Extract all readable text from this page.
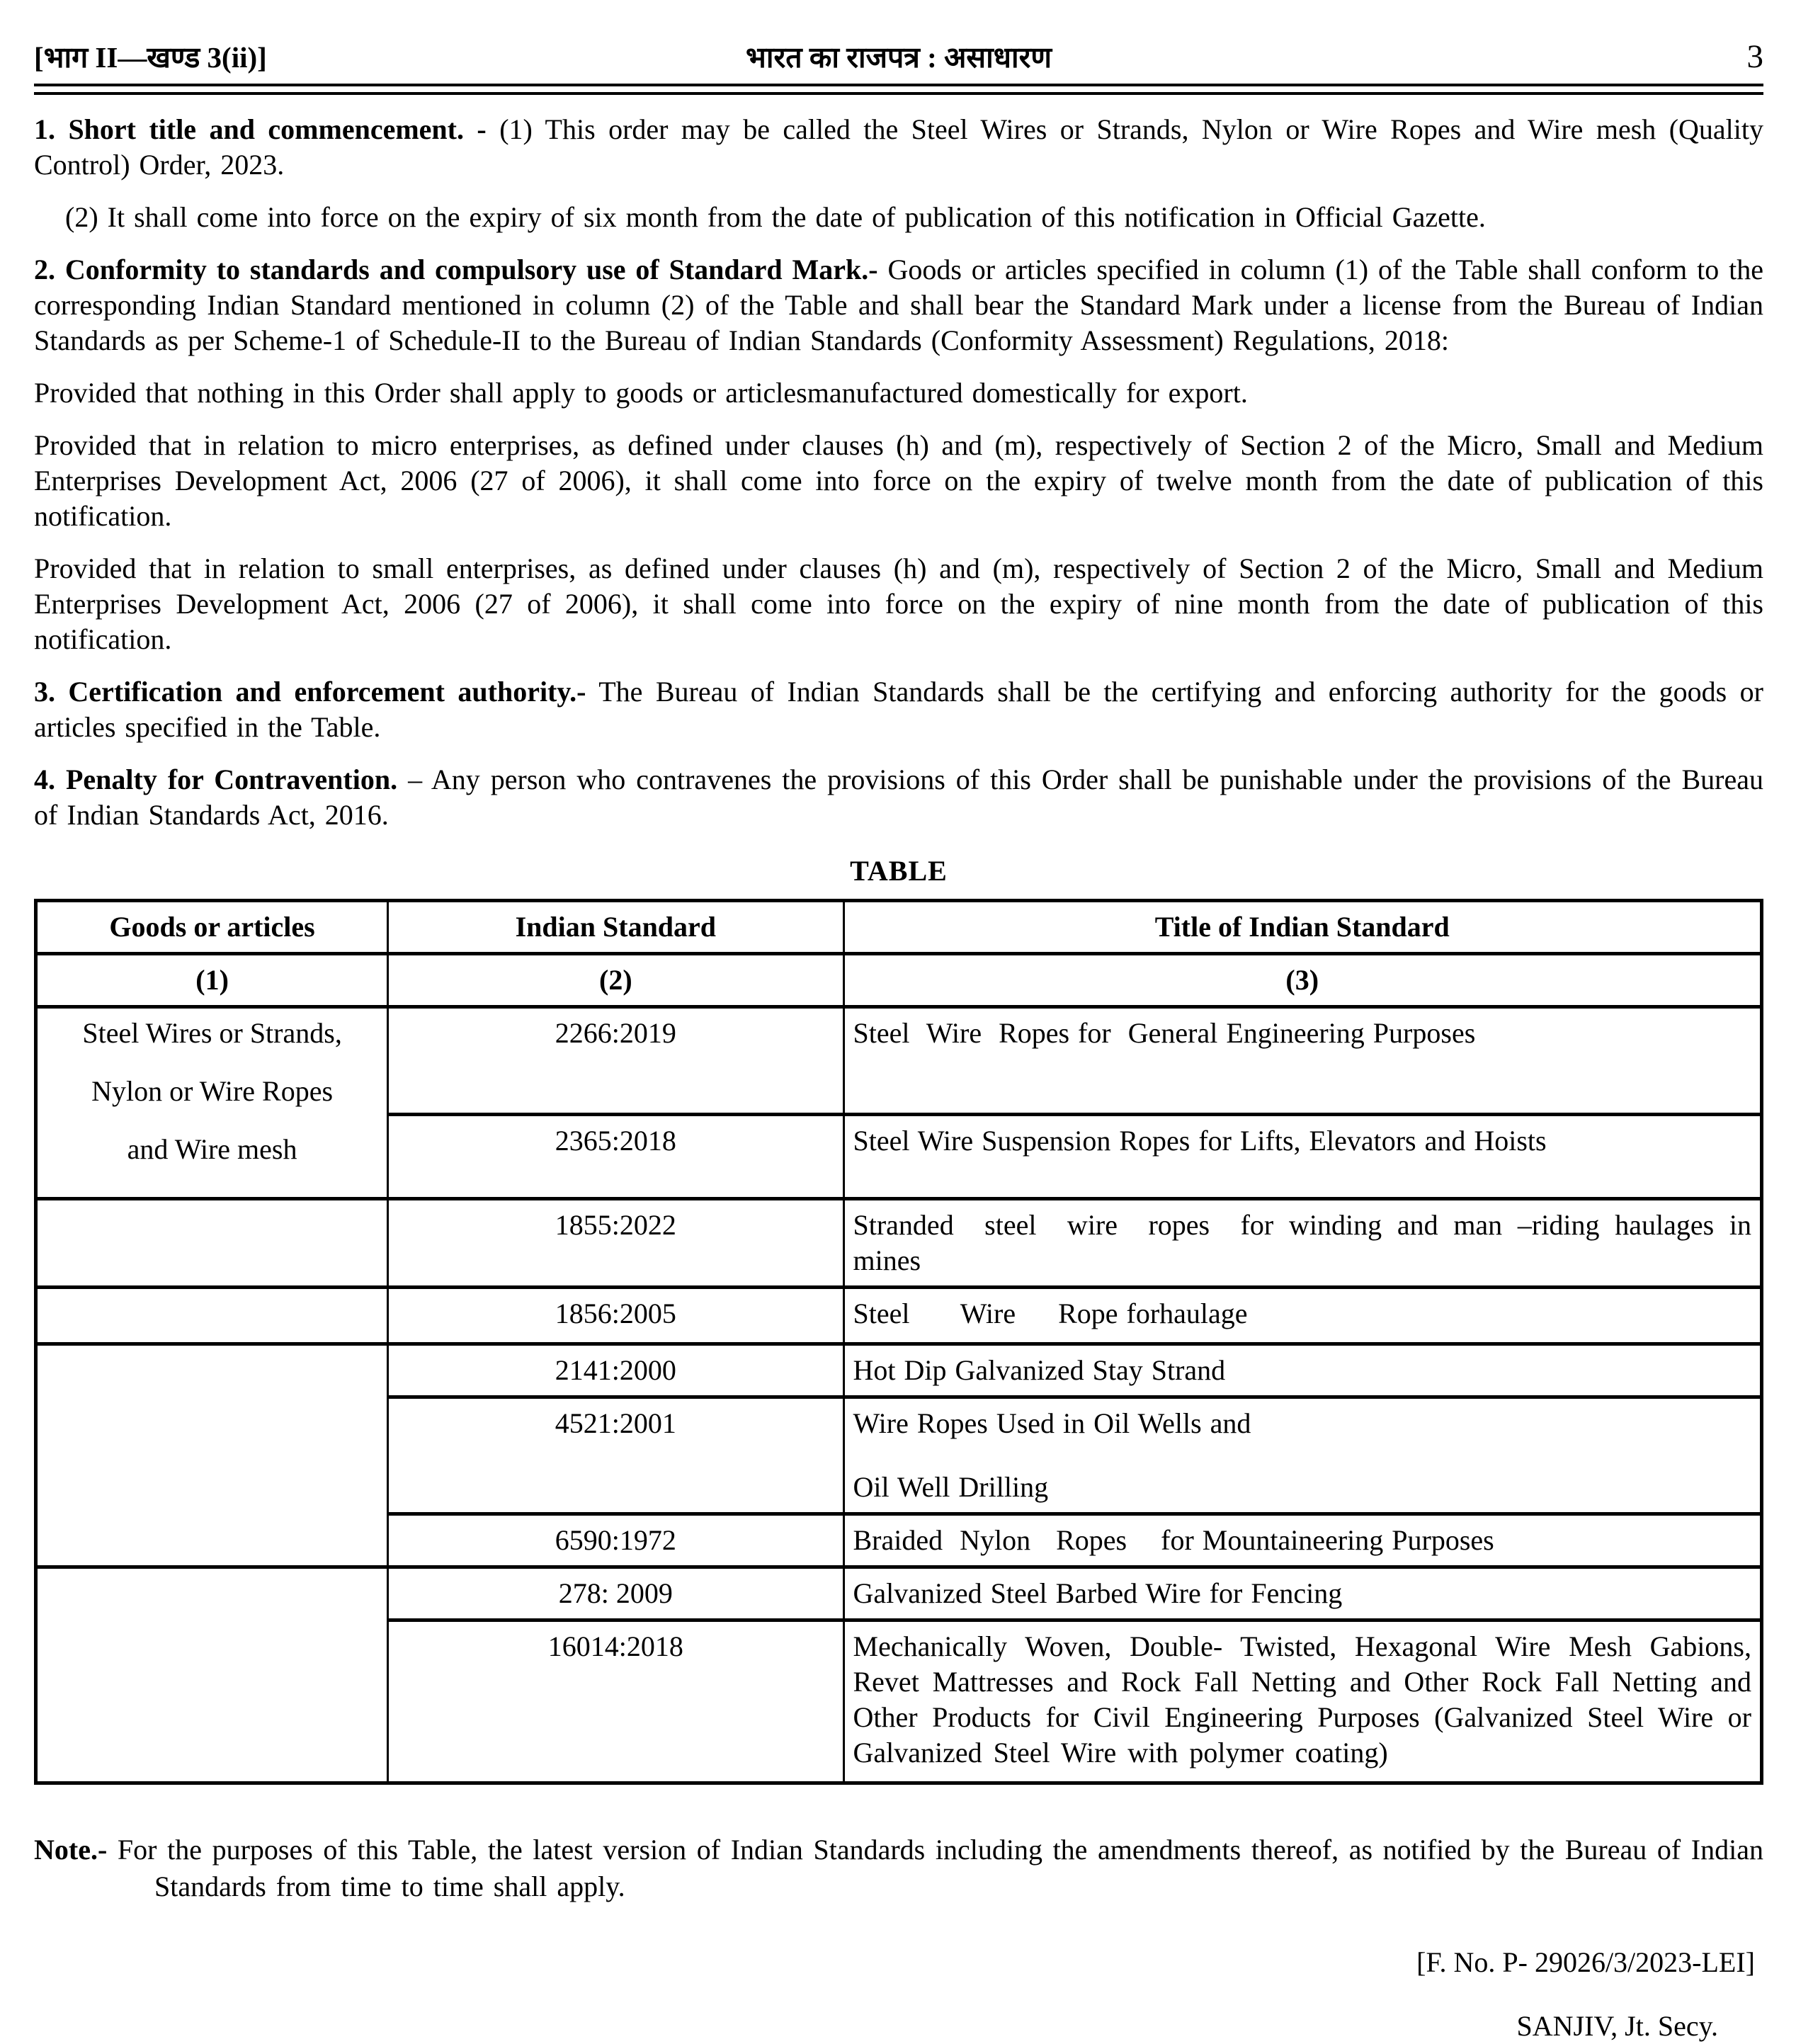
[भाग II—खण्ड 3(ii)]	भारत का राजपत्र : असाधारण	3

1. Short title and commencement. - (1) This order may be called the Steel Wires or Strands, Nylon or Wire Ropes and Wire mesh (Quality Control) Order, 2023.

(2) It shall come into force on the expiry of six month from the date of publication of this notification in Official Gazette.

2. Conformity to standards and compulsory use of Standard Mark.- Goods or articles specified in column (1) of the Table shall conform to the corresponding Indian Standard mentioned in column (2) of the Table and shall bear the Standard Mark under a license from the Bureau of Indian Standards as per Scheme-1 of Schedule-II to the Bureau of Indian Standards (Conformity Assessment) Regulations, 2018:

Provided that nothing in this Order shall apply to goods or articlesmanufactured domestically for export.

Provided that in relation to micro enterprises, as defined under clauses (h) and (m), respectively of Section 2 of the Micro, Small and Medium Enterprises Development Act, 2006 (27 of 2006), it shall come into force on the expiry of twelve month from the date of publication of this notification.

Provided that in relation to small enterprises, as defined under clauses (h) and (m), respectively of Section 2 of the Micro, Small and Medium Enterprises Development Act, 2006 (27 of 2006), it shall come into force on the expiry of nine month from the date of publication of this notification.

3. Certification and enforcement authority.- The Bureau of Indian Standards shall be the certifying and enforcing authority for the goods or articles specified in the Table.

4. Penalty for Contravention. – Any person who contravenes the provisions of this Order shall be punishable under the provisions of the Bureau of Indian Standards Act, 2016.

TABLE
Goods or articles	Indian Standard	Title of Indian Standard
(1)	(2)	(3)

Steel Wires or Strands,
Nylon or Wire Ropes
and Wire mesh	2266:2019	Steel  Wire  Ropes for  General Engineering Purposes
	2365:2018	Steel Wire Suspension Ropes for Lifts, Elevators and Hoists
	1855:2022	Stranded  steel  wire  ropes  for winding and man –riding haulages in mines
	1856:2005	Steel      Wire     Rope forhaulage
	2141:2000	Hot Dip Galvanized Stay Strand
	4521:2001	Wire Ropes Used in Oil Wells and
Oil Well Drilling

	6590:1972	Braided  Nylon   Ropes    for Mountaineering Purposes
	278: 2009	Galvanized Steel Barbed Wire for Fencing
	16014:2018	Mechanically Woven, Double- Twisted, Hexagonal Wire Mesh Gabions, Revet Mattresses and Rock Fall Netting and Other Rock Fall Netting and Other Products for Civil Engineering Purposes (Galvanized Steel Wire or Galvanized Steel Wire with polymer coating)
Note.- For the purposes of this Table, the latest version of Indian Standards including the amendments thereof, as notified by the Bureau of Indian Standards from time to time shall apply.
[F. No. P- 29026/3/2023-LEI]
SANJIV, Jt. Secy.
